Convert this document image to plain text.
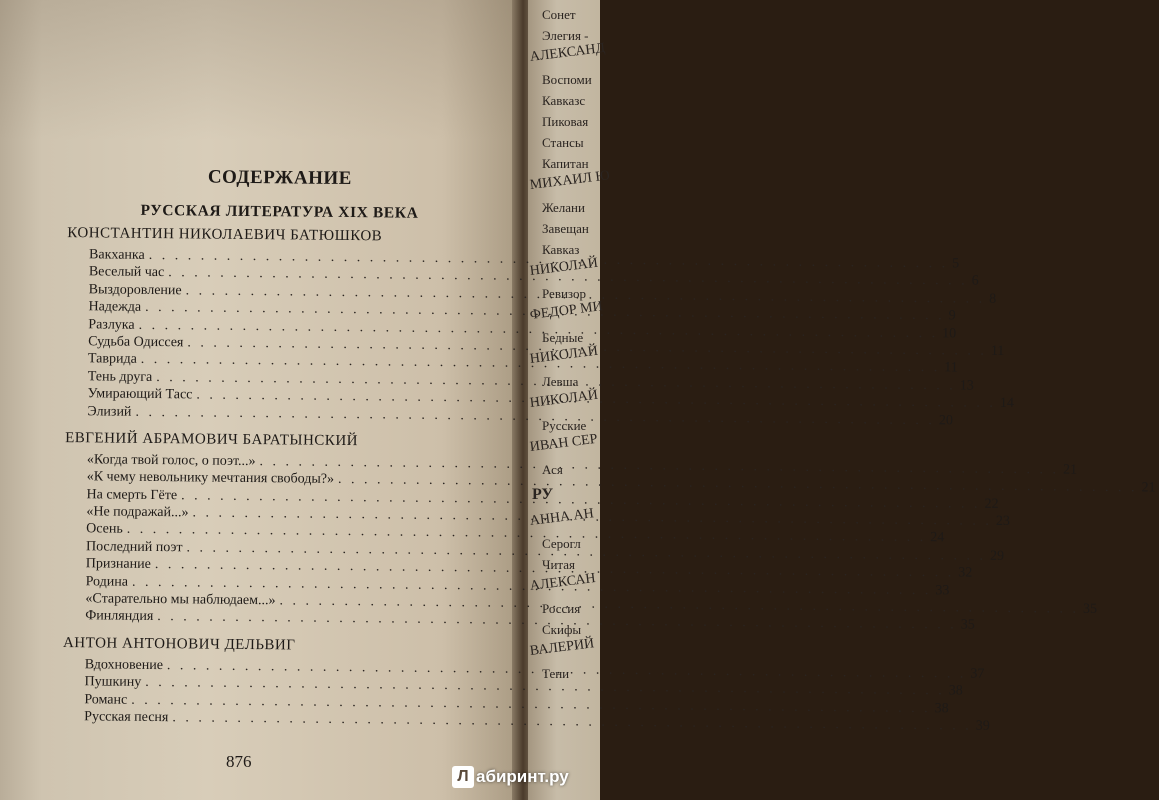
Сонет
Элегия -
АЛЕКСАНД
Воспоми
Кавказс
Пиковая
Стансы
Капитан
МИХАИЛ Ю
Желани
Завещан
Кавказ
НИКОЛАЙ
Ревизор
ФЕДОР МИ
Бедные
НИКОЛАЙ
Левша
НИКОЛАЙ
Русские
ИВАН СЕР
Ася
РУ
АННА АН
Серогл
Читая
АЛЕКСАН
Россия
Скифы
ВАЛЕРИЙ
Тени
СОДЕРЖАНИЕ
РУССКАЯ ЛИТЕРАТУРА XIX ВЕКА
КОНСТАНТИН НИКОЛАЕВИЧ БАТЮШКОВ
Вакханка
. . .
5
Веселый час
. . .
6
Выздоровление
. . .
8
Надежда
. . .
9
Разлука
. . .
10
Судьба Одиссея
. . .
11
Таврида
. . .
11
Тень друга
. . .
13
Умирающий Тасс
. . .
14
Элизий
. . .
20
ЕВГЕНИЙ АБРАМОВИЧ БАРАТЫНСКИЙ
«Когда твой голос, о поэт...»
. . .
21
«К чему невольнику мечтания свободы?»
. . .
21
На смерть Гёте
. . .
22
«Не подражай...»
. . .
23
Осень
. . .
24
Последний поэт
. . .
29
Признание
. . .
32
Родина
. . .
33
«Старательно мы наблюдаем...»
. . .
35
Финляндия
. . .
35
АНТОН АНТОНОВИЧ ДЕЛЬВИГ
Вдохновение
. . .
37
Пушкину
. . .
38
Романс
. . .
38
Русская песня
. . .
39
876
Л абиринт.ру
